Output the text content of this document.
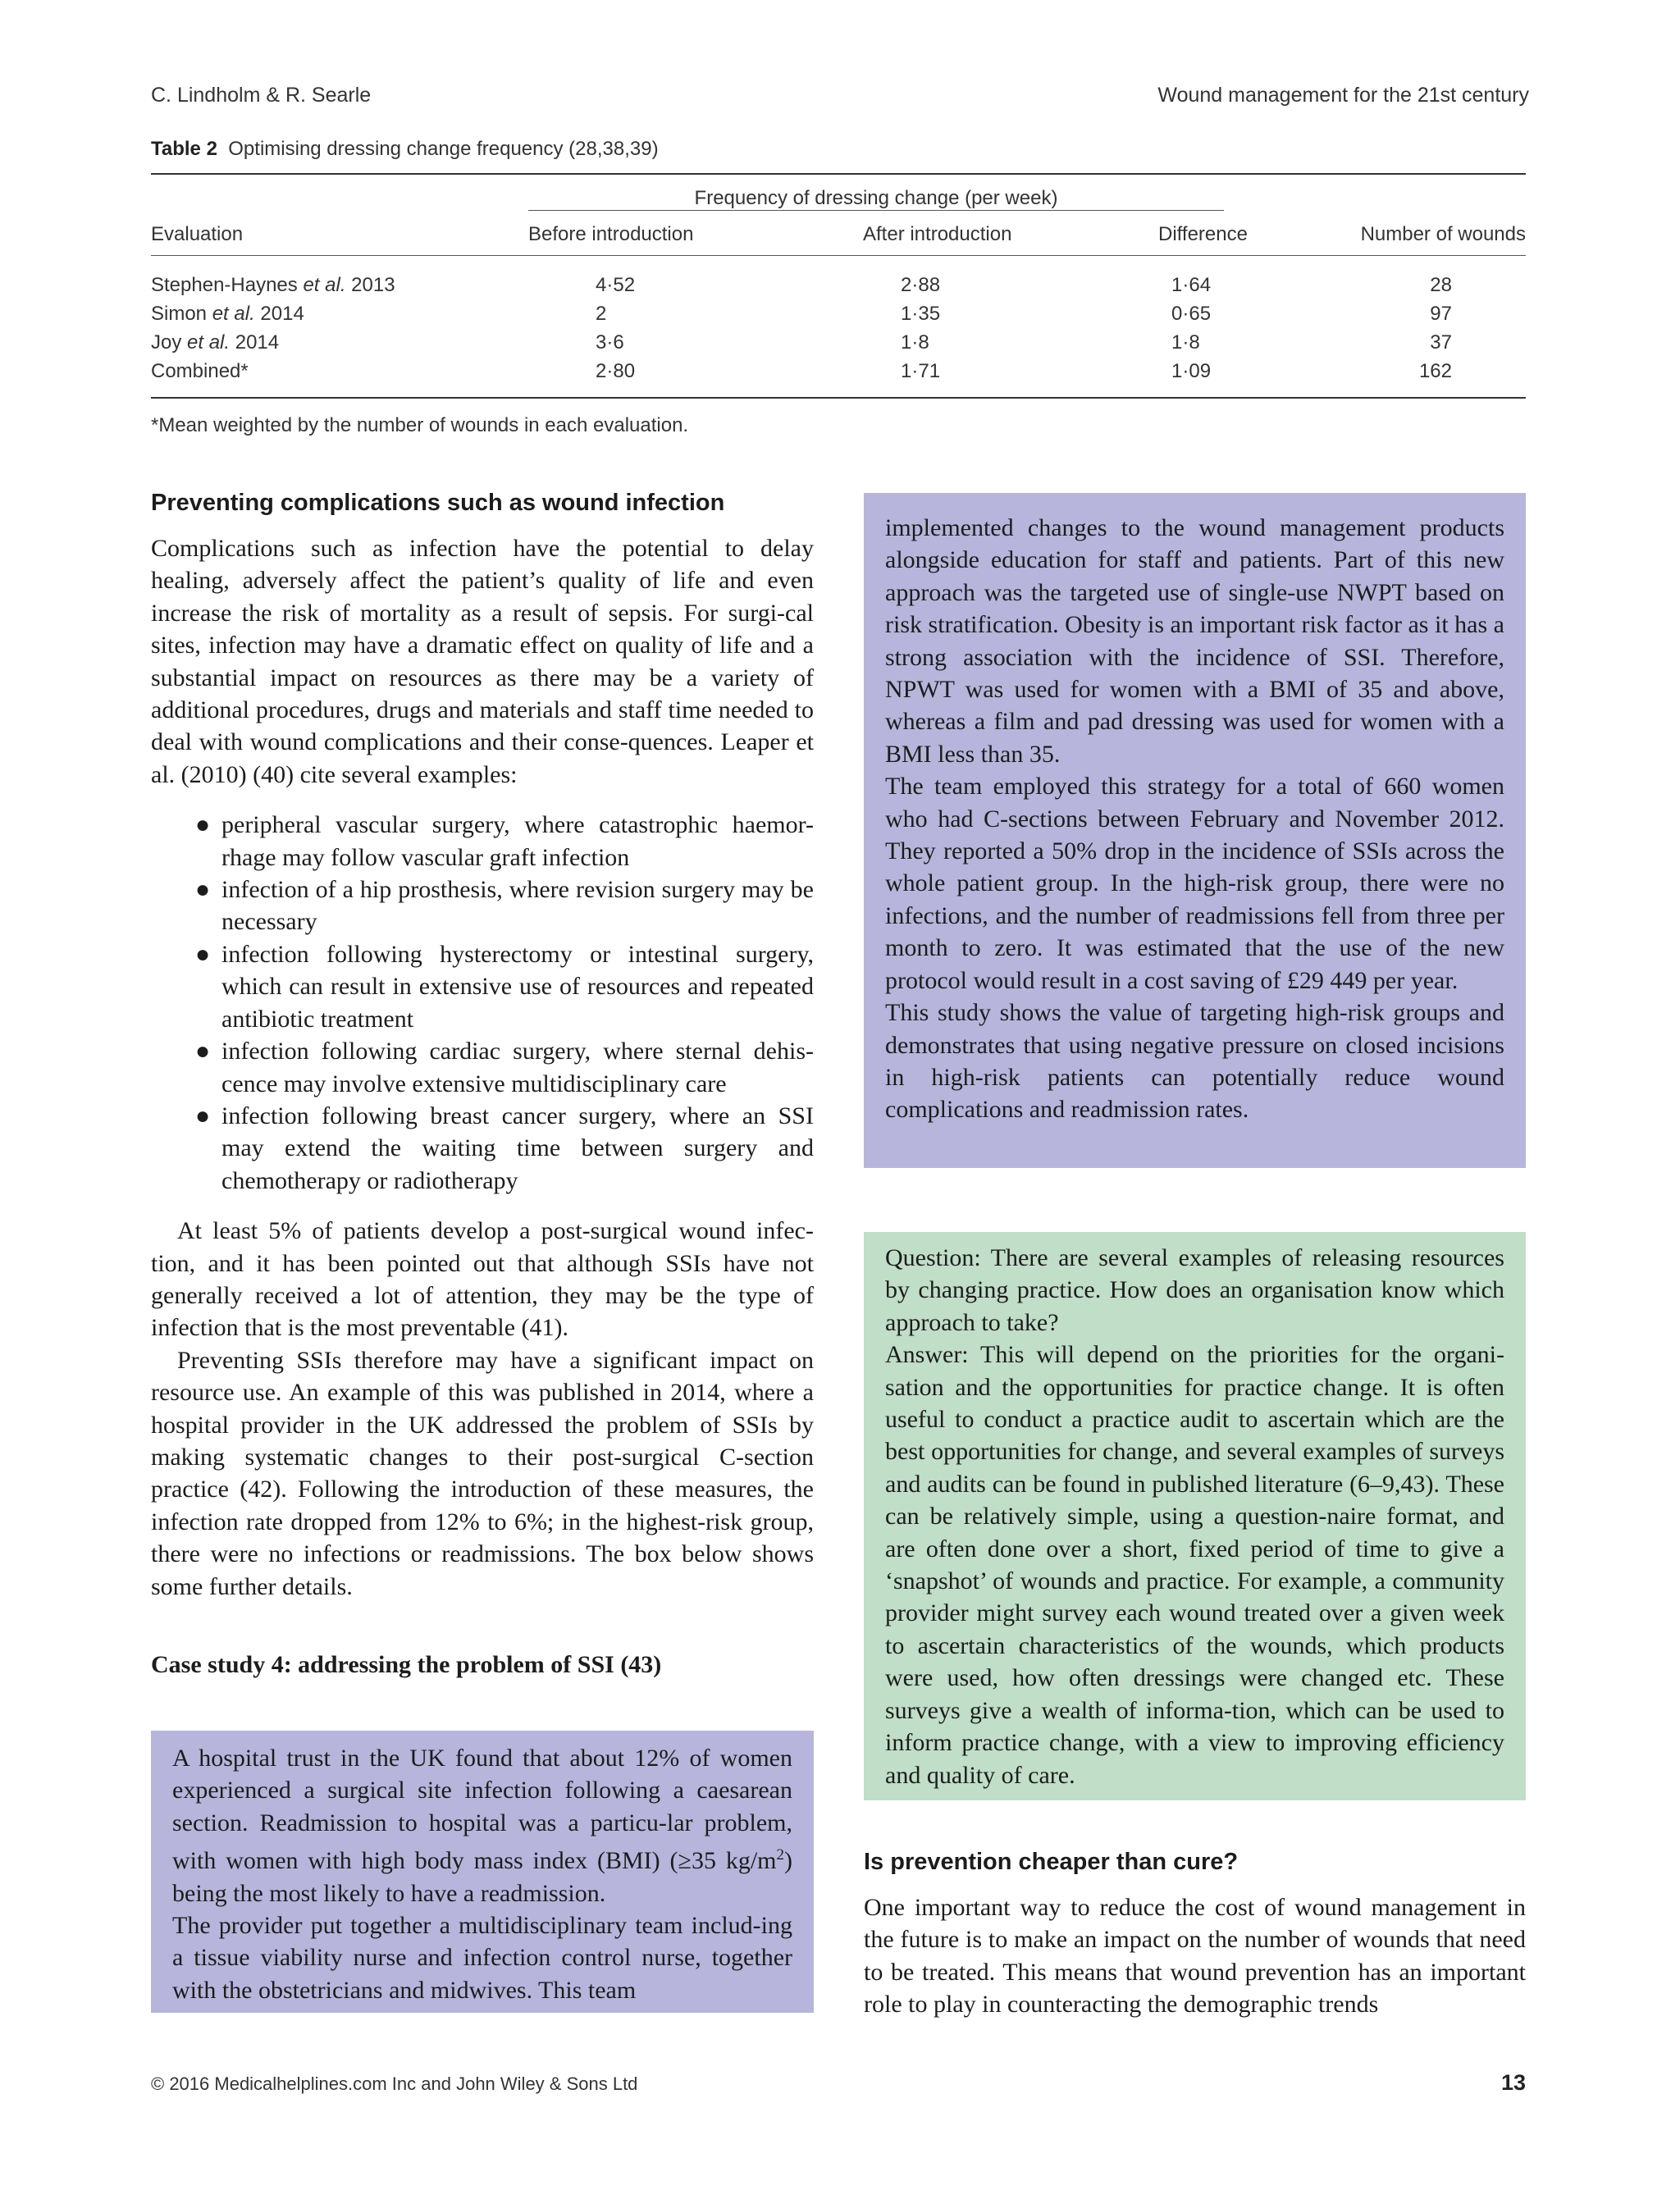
C. Lindholm & R. Searle	Wound management for the 21st century
Table 2 Optimising dressing change frequency (28,38,39)

	Frequency of dressing change (per week)			

Evaluation	Before introduction	After introduction	Difference	Number of wounds
Stephen-Haynes et al. 2013	4·52	2·88	1·64	28
Simon et al. 2014	2	1·35	0·65	97
Joy et al. 2014	3·6	1·8	1·8	37
Combined*	2·80	1·71	1·09	162
*Mean weighted by the number of wounds in each evaluation.
Preventing complications such as wound infection

Complications such as infection have the potential to delay healing, adversely affect the patient’s quality of life and even increase the risk of mortality as a result of sepsis. For surgi-cal sites, infection may have a dramatic effect on quality of life and a substantial impact on resources as there may be a variety of additional procedures, drugs and materials and staff time needed to deal with wound complications and their conse-quences. Leaper et al. (2010) (40) cite several examples:

● peripheral vascular surgery, where catastrophic haemor-rhage may follow vascular graft infection
● infection of a hip prosthesis, where revision surgery may be necessary
● infection following hysterectomy or intestinal surgery, which can result in extensive use of resources and repeated antibiotic treatment
● infection following cardiac surgery, where sternal dehis-cence may involve extensive multidisciplinary care
● infection following breast cancer surgery, where an SSI may extend the waiting time between surgery and chemotherapy or radiotherapy

At least 5% of patients develop a post-surgical wound infec-tion, and it has been pointed out that although SSIs have not generally received a lot of attention, they may be the type of infection that is the most preventable (41).

Preventing SSIs therefore may have a significant impact on resource use. An example of this was published in 2014, where a hospital provider in the UK addressed the problem of SSIs by making systematic changes to their post-surgical C-section practice (42). Following the introduction of these measures, the infection rate dropped from 12% to 6%; in the highest-risk group, there were no infections or readmissions. The box below shows some further details.

Case study 4: addressing the problem of SSI (43)

A hospital trust in the UK found that about 12% of women experienced a surgical site infection following a caesarean section. Readmission to hospital was a particu-lar problem, with women with high body mass index (BMI) (≥35 $kg/m^2$) being the most likely to have a readmission.

The provider put together a multidisciplinary team includ-ing a tissue viability nurse and infection control nurse, together with the obstetricians and midwives. This team

implemented changes to the wound management products alongside education for staff and patients. Part of this new approach was the targeted use of single-use NWPT based on risk stratification. Obesity is an important risk factor as it has a strong association with the incidence of SSI. Therefore, NPWT was used for women with a BMI of 35 and above, whereas a film and pad dressing was used for women with a BMI less than 35.

The team employed this strategy for a total of 660 women who had C-sections between February and November 2012. They reported a 50% drop in the incidence of SSIs across the whole patient group. In the high-risk group, there were no infections, and the number of readmissions fell from three per month to zero. It was estimated that the use of the new protocol would result in a cost saving of £29 449 per year.

This study shows the value of targeting high-risk groups and demonstrates that using negative pressure on closed incisions in high-risk patients can potentially reduce wound complications and readmission rates.

Question: There are several examples of releasing resources by changing practice. How does an organisation know which approach to take?

Answer: This will depend on the priorities for the organi-sation and the opportunities for practice change. It is often useful to conduct a practice audit to ascertain which are the best opportunities for change, and several examples of surveys and audits can be found in published literature (6–9,43). These can be relatively simple, using a question-naire format, and are often done over a short, fixed period of time to give a ‘snapshot’ of wounds and practice. For example, a community provider might survey each wound treated over a given week to ascertain characteristics of the wounds, which products were used, how often dressings were changed etc. These surveys give a wealth of informa-tion, which can be used to inform practice change, with a view to improving efficiency and quality of care.

Is prevention cheaper than cure?

One important way to reduce the cost of wound management in the future is to make an impact on the number of wounds that need to be treated. This means that wound prevention has an important role to play in counteracting the demographic trends

© 2016 Medicalhelplines.com Inc and John Wiley & Sons Ltd	13
